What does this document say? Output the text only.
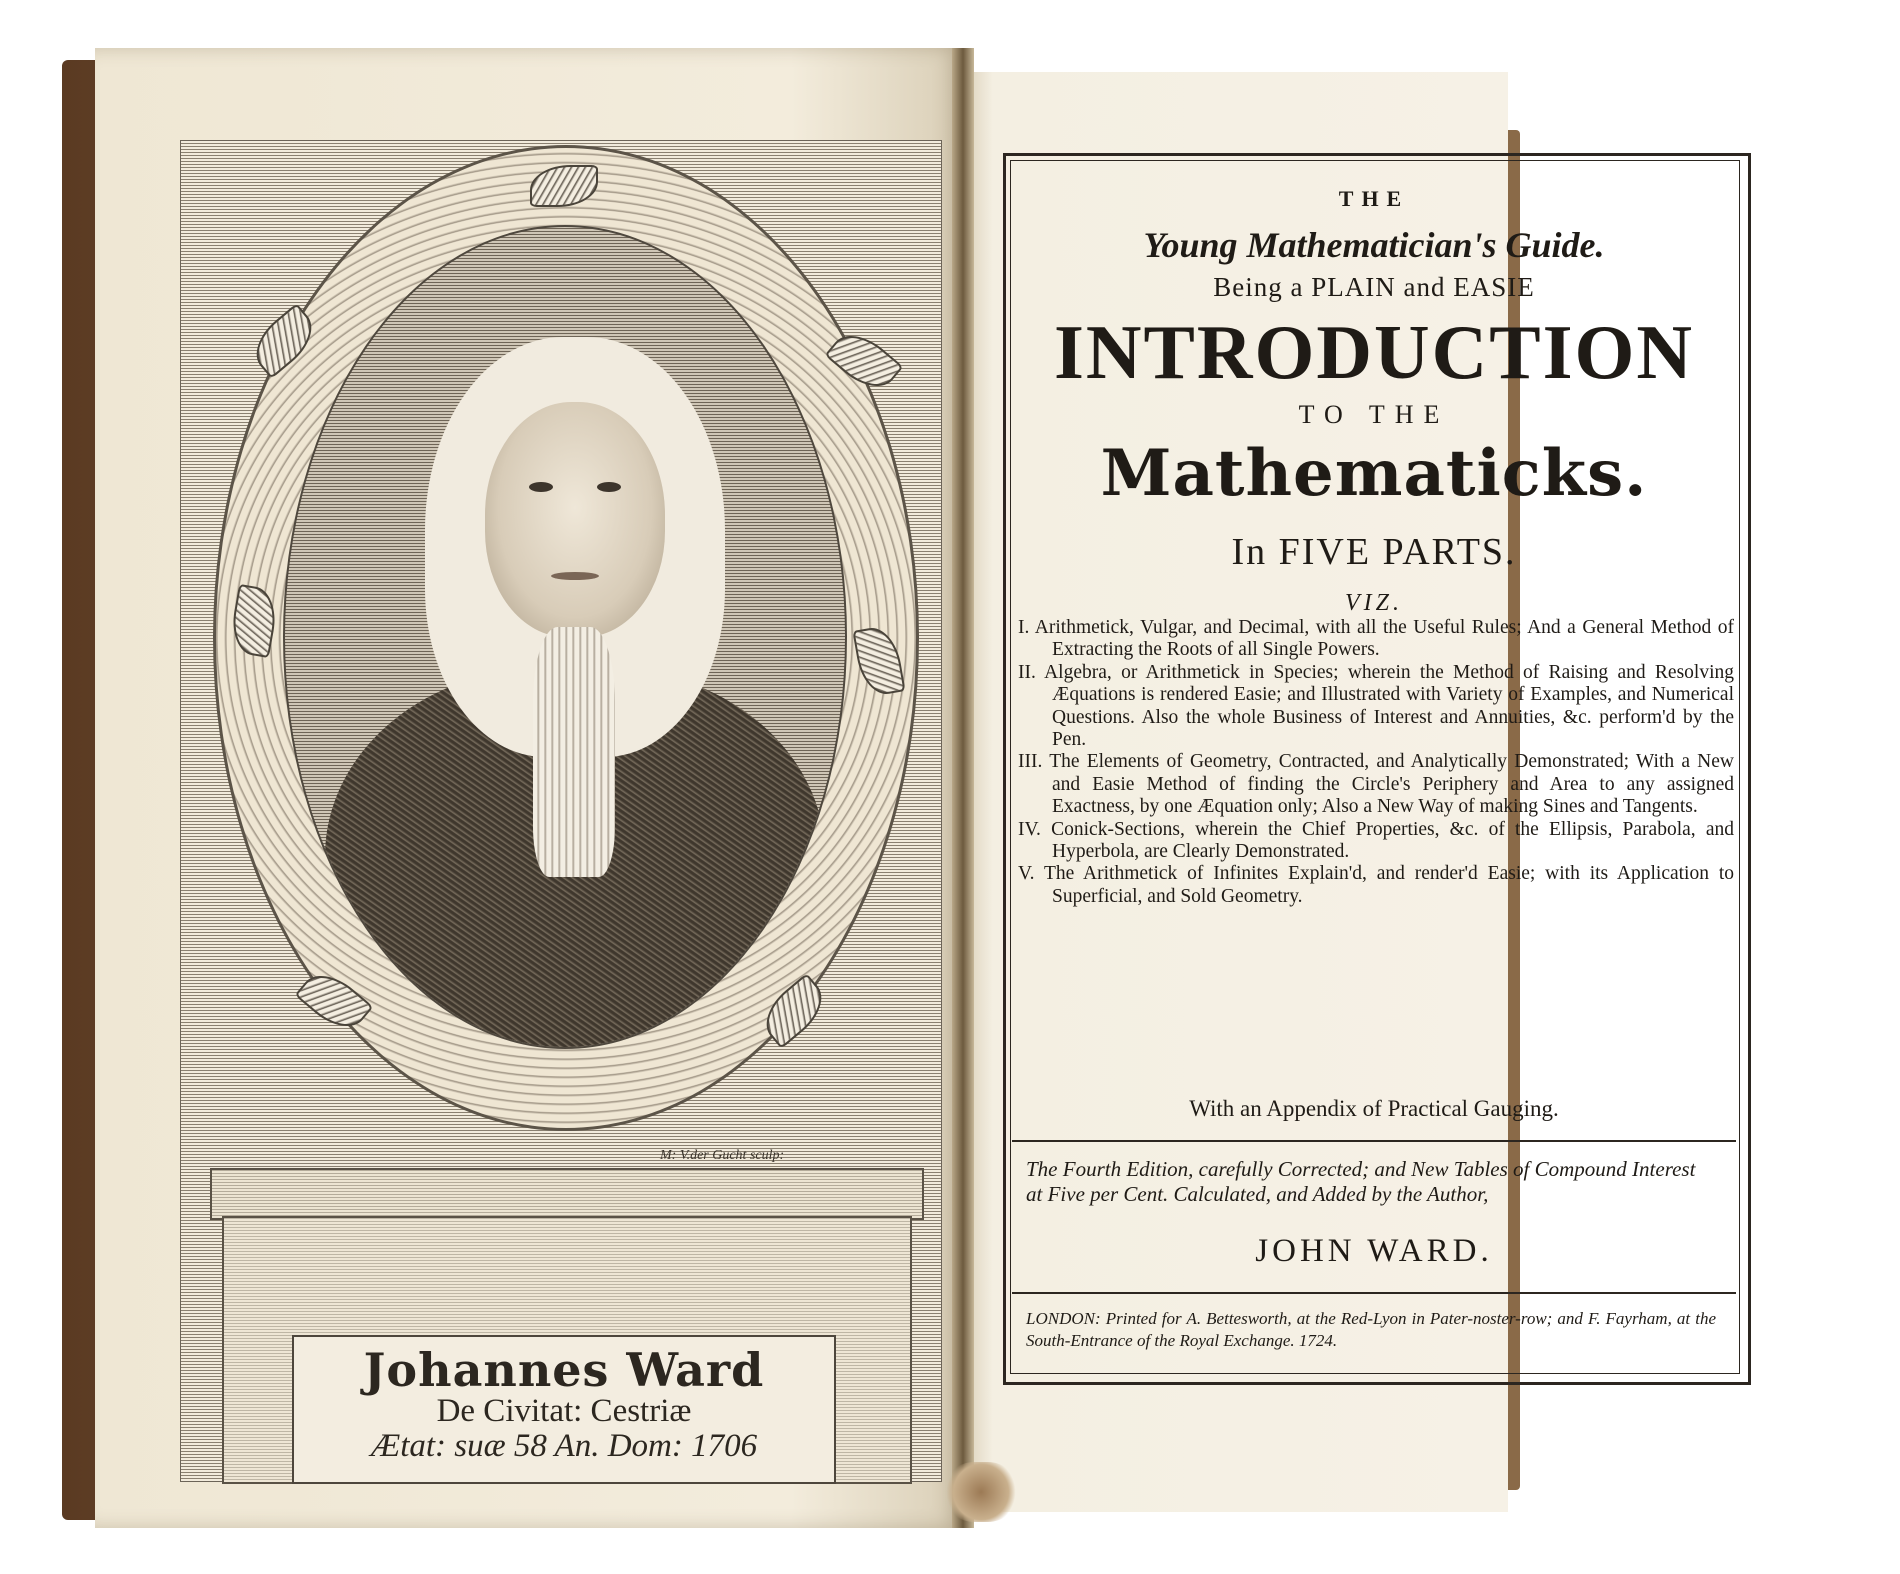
M: V.der Gucht sculp:
Johannes Ward
De Civitat: Cestriæ
Ætat: suæ 58 An. Dom: 1706
THE
Young Mathematician's Guide.
Being a PLAIN and EASIE
INTRODUCTION
TO THE
Mathematicks.
In FIVE PARTS.
VIZ.
I. Arithmetick, Vulgar, and Decimal, with all the Useful Rules; And a General Method of Extracting the Roots of all Single Powers.
II. Algebra, or Arithmetick in Species; wherein the Method of Raising and Resolving Æquations is rendered Easie; and Illustrated with Variety of Examples, and Numerical Questions. Also the whole Business of Interest and Annuities, &c. perform'd by the Pen.
III. The Elements of Geometry, Contracted, and Analytically Demonstrated; With a New and Easie Method of finding the Circle's Periphery and Area to any assigned Exactness, by one Æquation only; Also a New Way of making Sines and Tangents.
IV. Conick-Sections, wherein the Chief Properties, &c. of the Ellipsis, Parabola, and Hyperbola, are Clearly Demonstrated.
V. The Arithmetick of Infinites Explain'd, and render'd Easie; with its Application to Superficial, and Sold Geometry.
With an Appendix of Practical Gauging.
The Fourth Edition, carefully Corrected; and New Tables of Compound Interest at Five per Cent. Calculated, and Added by the Author,
JOHN WARD.
LONDON: Printed for A. Bettesworth, at the Red-Lyon in Pater-noster-row; and F. Fayrham, at the South-Entrance of the Royal Exchange. 1724.
